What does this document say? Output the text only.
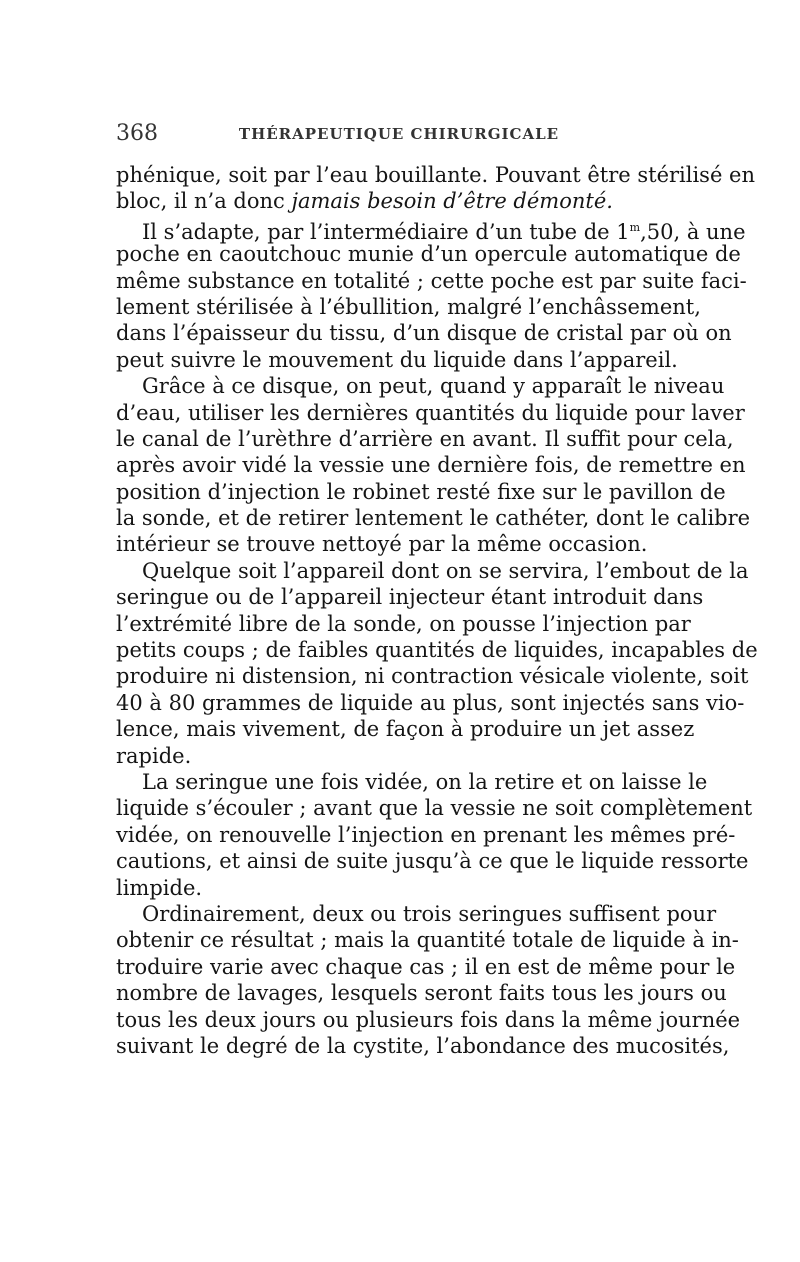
368	THÉRAPEUTIQUE CHIRURGICALE
phénique, soit par l’eau bouillante. Pouvant être stérilisé en
bloc, il n’a donc jamais besoin d’être démonté.
Il s’adapte, par l’intermédiaire d’un tube de 1$^m$,50, à une
poche en caoutchouc munie d’un opercule automatique de
même substance en totalité ; cette poche est par suite faci-
lement stérilisée à l’ébullition, malgré l’enchâssement,
dans l’épaisseur du tissu, d’un disque de cristal par où on
peut suivre le mouvement du liquide dans l’appareil.
Grâce à ce disque, on peut, quand y apparaît le niveau
d’eau, utiliser les dernières quantités du liquide pour laver
le canal de l’urèthre d’arrière en avant. Il suffit pour cela,
après avoir vidé la vessie une dernière fois, de remettre en
position d’injection le robinet resté fixe sur le pavillon de
la sonde, et de retirer lentement le cathéter, dont le calibre
intérieur se trouve nettoyé par la même occasion.
Quelque soit l’appareil dont on se servira, l’embout de la
seringue ou de l’appareil injecteur étant introduit dans
l’extrémité libre de la sonde, on pousse l’injection par
petits coups ; de faibles quantités de liquides, incapables de
produire ni distension, ni contraction vésicale violente, soit
40 à 80 grammes de liquide au plus, sont injectés sans vio-
lence, mais vivement, de façon à produire un jet assez
rapide.
La seringue une fois vidée, on la retire et on laisse le
liquide s’écouler ; avant que la vessie ne soit complètement
vidée, on renouvelle l’injection en prenant les mêmes pré-
cautions, et ainsi de suite jusqu’à ce que le liquide ressorte
limpide.
Ordinairement, deux ou trois seringues suffisent pour
obtenir ce résultat ; mais la quantité totale de liquide à in-
troduire varie avec chaque cas ; il en est de même pour le
nombre de lavages, lesquels seront faits tous les jours ou
tous les deux jours ou plusieurs fois dans la même journée
suivant le degré de la cystite, l’abondance des mucosités,
